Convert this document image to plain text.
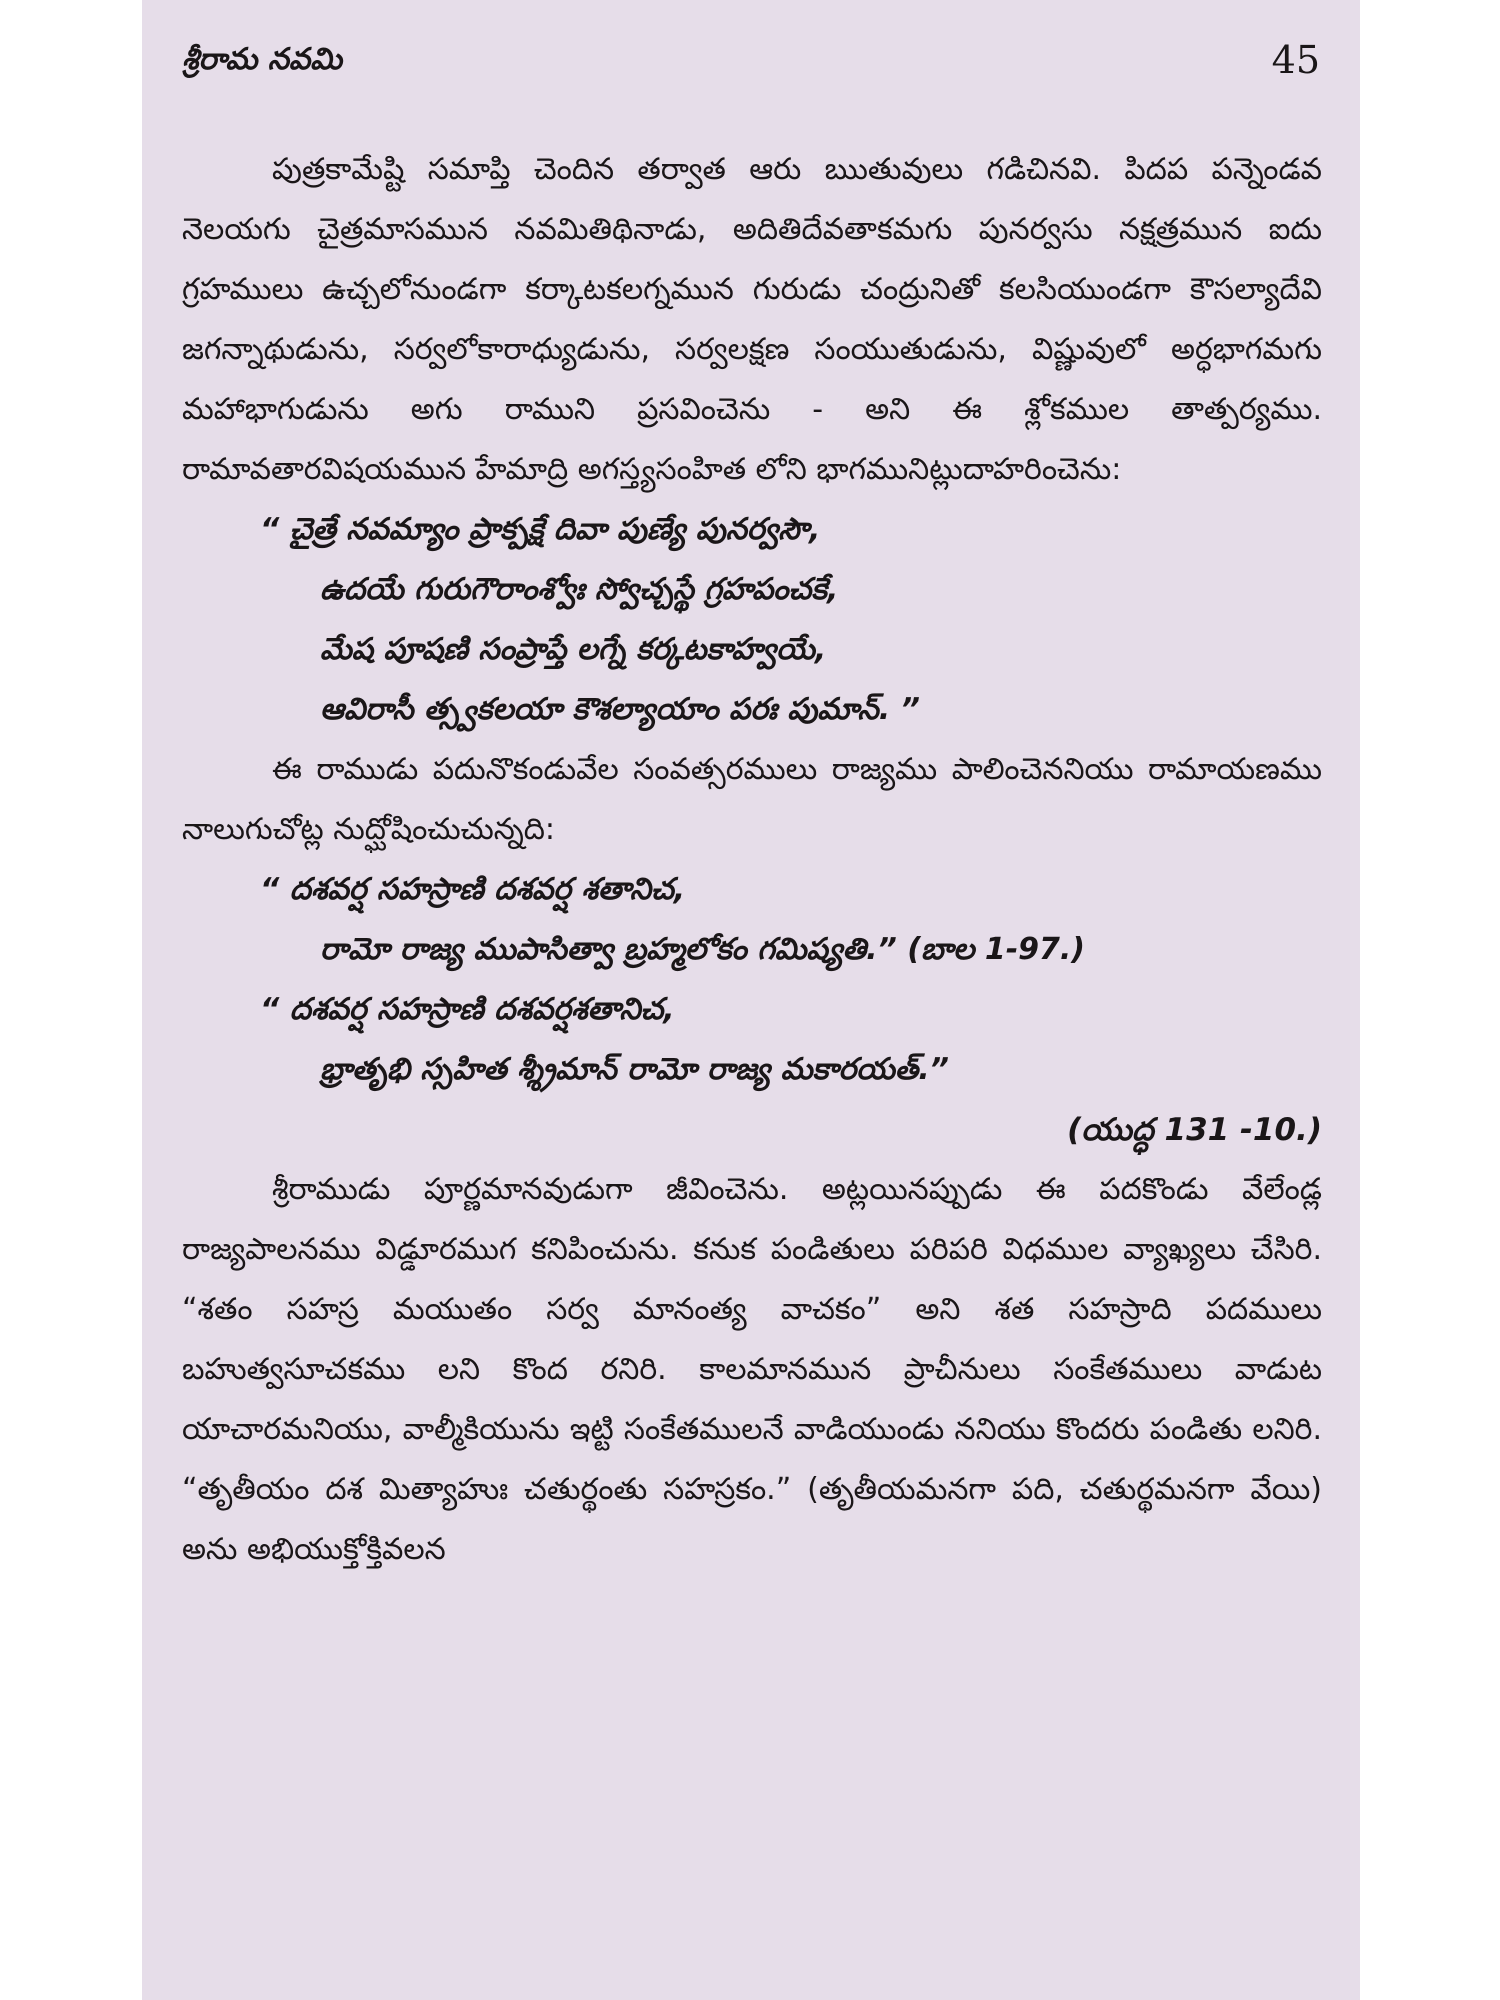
శ్రీరామ నవమి	45

పుత్రకామేష్టి సమాప్తి చెందిన తర్వాత ఆరు ఋతువులు గడిచినవి. పిదప పన్నెండవ నెలయగు చైత్రమాసమున నవమితిథినాడు, అదితిదేవతాకమగు పునర్వసు నక్షత్రమున ఐదు గ్రహములు ఉచ్చలోనుండగా కర్కాటకలగ్నమున గురుడు చంద్రునితో కలసియుండగా కౌసల్యాదేవి జగన్నాథుడును, సర్వలోకారాధ్యుడును, సర్వలక్షణ సంయుతుడును, విష్ణువులో అర్ధభాగమగు మహాభాగుడును అగు రాముని ప్రసవించెను - అని ఈ శ్లోకముల తాత్పర్యము. రామావతారవిషయమున హేమాద్రి అగస్త్యసంహిత లోని భాగమునిట్లుదాహరించెను:

“ చైత్రే నవమ్యాం ప్రాక్పక్షే దివా పుణ్యే పునర్వసౌ,
ఉదయే గురుగౌరాంశ్వోః స్వోచ్చస్థే గ్రహపంచకే,
మేష పూషణి సంప్రాప్తే లగ్నే కర్కటకాహ్వయే,
ఆవిరాసీ త్స్వకలయా కౌశల్యాయాం పరః పుమాన్. ”

ఈ రాముడు పదునొకండువేల సంవత్సరములు రాజ్యము పాలించెననియు రామాయణము నాలుగుచోట్ల నుద్ఘోషించుచున్నది:

“ దశవర్ష సహస్రాణి దశవర్ష శతానిచ,
రామో రాజ్య ముపాసిత్వా బ్రహ్మలోకం గమిష్యతి.” (బాల 1-97.)
“ దశవర్ష సహస్రాణి దశవర్షశతానిచ,
భ్రాతృభి స్సహిత శ్శ్రీమాన్ రామో రాజ్య మకారయత్.”
(యుద్ధ 131 -10.)

శ్రీరాముడు పూర్ణమానవుడుగా జీవించెను. అట్లయినప్పుడు ఈ పదకొండు వేలేండ్ల రాజ్యపాలనము విడ్డూరముగ కనిపించును. కనుక పండితులు పరిపరి విధముల వ్యాఖ్యలు చేసిరి. “శతం సహస్ర మయుతం సర్వ మానంత్య వాచకం” అని శత సహస్రాది పదములు బహుత్వసూచకము లని కొంద రనిరి. కాలమానమున ప్రాచీనులు సంకేతములు వాడుట యాచారమనియు, వాల్మీకియును ఇట్టి సంకేతములనే వాడియుండు ననియు కొందరు పండితు లనిరి. “తృతీయం దశ మిత్యాహుః చతుర్థంతు సహస్రకం.” (తృతీయమనగా పది, చతుర్థమనగా వేయి) అను అభియుక్తోక్తివలన
